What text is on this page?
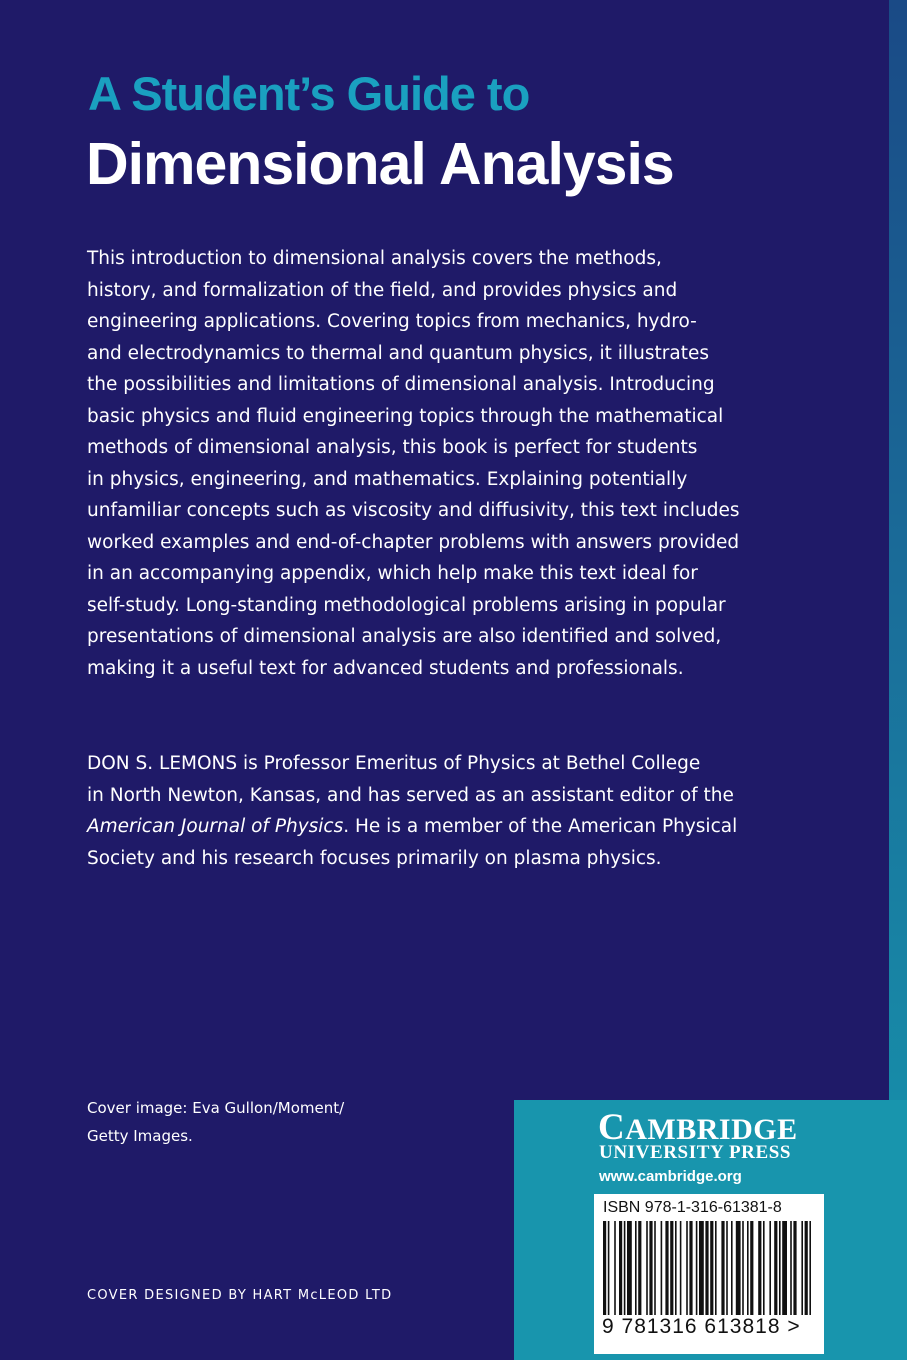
A Student’s Guide to
Dimensional Analysis

This introduction to dimensional analysis covers the methods,

history, and formalization of the field, and provides physics and

engineering applications. Covering topics from mechanics, hydro-

and electrodynamics to thermal and quantum physics, it illustrates

the possibilities and limitations of dimensional analysis. Introducing

basic physics and fluid engineering topics through the mathematical

methods of dimensional analysis, this book is perfect for students

in physics, engineering, and mathematics. Explaining potentially

unfamiliar concepts such as viscosity and diffusivity, this text includes

worked examples and end-of-chapter problems with answers provided

in an accompanying appendix, which help make this text ideal for

self-study. Long-standing methodological problems arising in popular

presentations of dimensional analysis are also identified and solved,

making it a useful text for advanced students and professionals.

DON S. LEMONS is Professor Emeritus of Physics at Bethel College
in North Newton, Kansas, and has served as an assistant editor of the
American Journal of Physics. He is a member of the American Physical
Society and his research focuses primarily on plasma physics.
Cover image: Eva Gullon/Moment/
Getty Images.
COVER DESIGNED BY HART McLEOD LTD
CAMBRIDGE
UNIVERSITY PRESS
www.cambridge.org
ISBN 978-1-316-61381-8
9 781316 613818 >
